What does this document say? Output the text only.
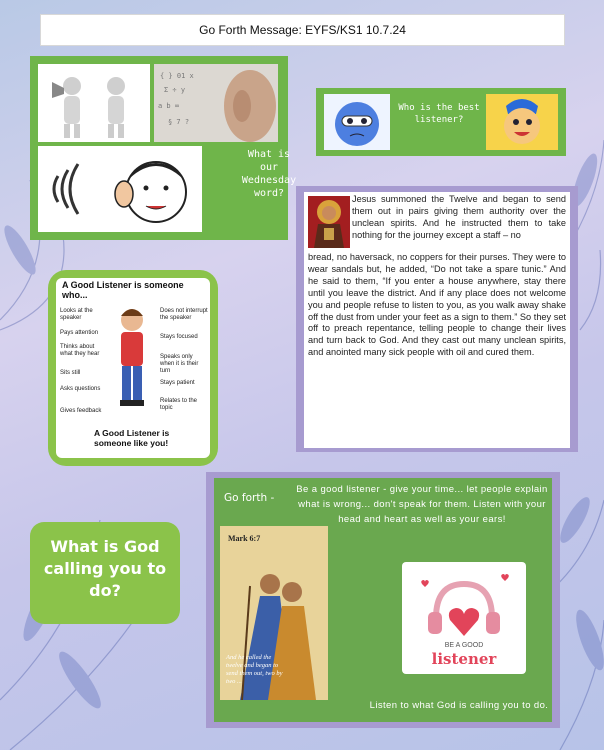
Go Forth Message: EYFS/KS1 10.7.24
{ } 01 x
Σ ÷ y
a b ∞
§ 7 ?
What is our Wednesday word?
Who is the best listener?
Jesus summoned the Twelve and began to send them out in pairs giving them authority over the unclean spirits. And he instructed them to take nothing for the journey except a staff – no
bread, no haversack, no coppers for their purses. They were to wear sandals but, he added, “Do not take a spare tunic.” And he said to them, “If you enter a house anywhere, stay there until you leave the district. And if any place does not welcome you and people refuse to listen to you, as you walk away shake off the dust from under your feet as a sign to them.” So they set off to preach repentance, telling people to change their lives and turn back to God. And they cast out many unclean spirits, and anointed many sick people with oil and cured them.
A Good Listener is someone who...
Looks at the speaker
Pays attention
Thinks about what they hear
Sits still
Asks questions
Gives feedback
Does not interrupt the speaker
Stays focused
Speaks only when it is their turn
Stays patient
Relates to the topic
A Good Listener is someone like you!
What is God calling you to do?
Go forth -
Be a good listener - give your time... let people explain what is wrong... don't speak for them. Listen with your head and heart as well as your ears!
Mark 6:7
And he called the twelve and began to send them out, two by two ...
BE A GOOD
listener
Listen to what God is calling you to do.
